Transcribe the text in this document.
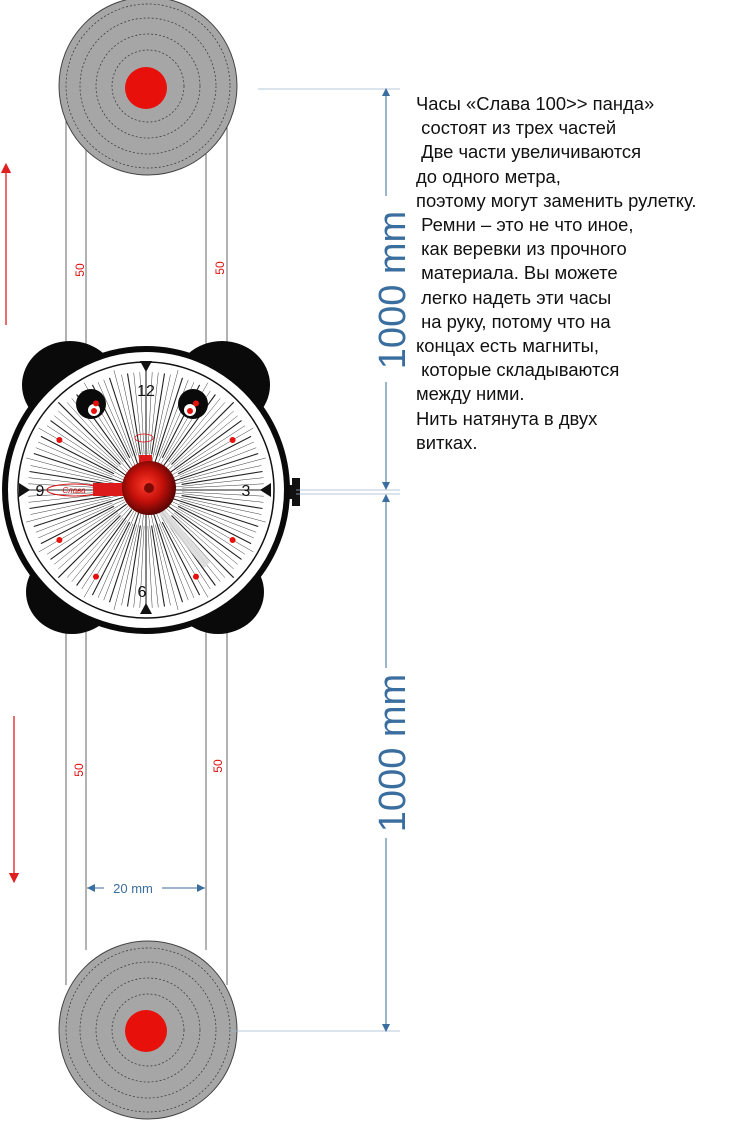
50	50
50	50
12
3
6
9 Слава
1000 mm
1000 mm
20 mm
Часы «Слава 100>> панда»
состоят из трех частей
Две части увеличиваются
до одного метра,
поэтому могут заменить рулетку.
Ремни – это не что иное,
как веревки из прочного
материала. Вы можете
легко надеть эти часы
на руку, потому что на
концах есть магниты,
которые складываются
между ними.
Нить натянута в двух
витках.
